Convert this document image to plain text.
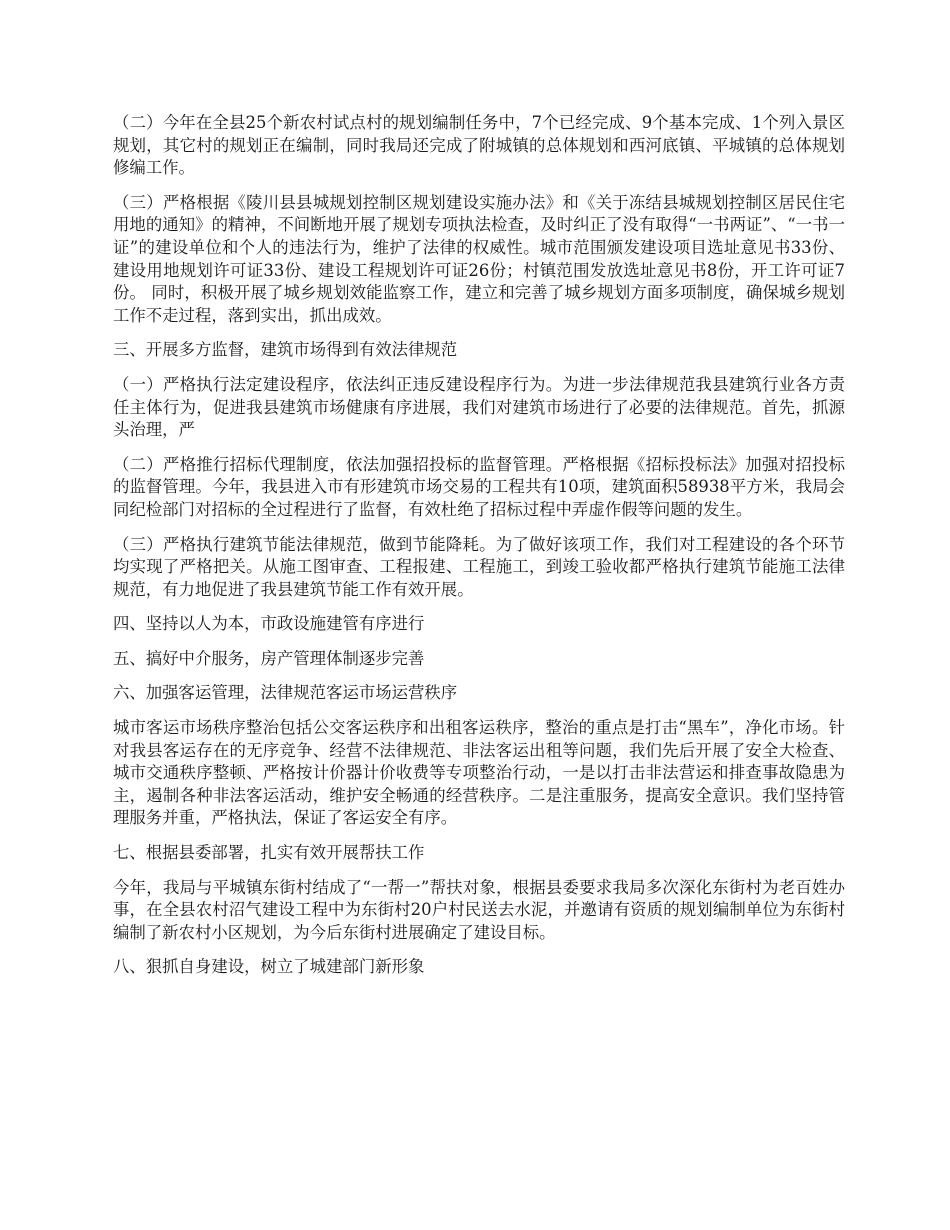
（二）今年在全县25个新农村试点村的规划编制任务中，7个已经完成、9个基本完成、1个列入景区规划，其它村的规划正在编制，同时我局还完成了附城镇的总体规划和西河底镇、平城镇的总体规划修编工作。

（三）严格根据《陵川县县城规划控制区规划建设实施办法》和《关于冻结县城规划控制区居民住宅用地的通知》的精神，不间断地开展了规划专项执法检查，及时纠正了没有取得“一书两证”、“一书一证”的建设单位和个人的违法行为，维护了法律的权威性。城市范围颁发建设项目选址意见书33份、建设用地规划许可证33份、建设工程规划许可证26份；村镇范围发放选址意见书8份，开工许可证7份。 同时，积极开展了城乡规划效能监察工作，建立和完善了城乡规划方面多项制度，确保城乡规划工作不走过程，落到实出，抓出成效。

三、开展多方监督，建筑市场得到有效法律规范

（一）严格执行法定建设程序，依法纠正违反建设程序行为。为进一步法律规范我县建筑行业各方责任主体行为，促进我县建筑市场健康有序进展，我们对建筑市场进行了必要的法律规范。首先，抓源头治理，严

（二）严格推行招标代理制度，依法加强招投标的监督管理。严格根据《招标投标法》加强对招投标的监督管理。今年，我县进入市有形建筑市场交易的工程共有10项，建筑面积58938平方米，我局会同纪检部门对招标的全过程进行了监督，有效杜绝了招标过程中弄虚作假等问题的发生。

（三）严格执行建筑节能法律规范，做到节能降耗。为了做好该项工作，我们对工程建设的各个环节均实现了严格把关。从施工图审查、工程报建、工程施工，到竣工验收都严格执行建筑节能施工法律规范，有力地促进了我县建筑节能工作有效开展。

四、坚持以人为本，市政设施建管有序进行

五、搞好中介服务，房产管理体制逐步完善

六、加强客运管理，法律规范客运市场运营秩序

城市客运市场秩序整治包括公交客运秩序和出租客运秩序，整治的重点是打击“黑车”，净化市场。针对我县客运存在的无序竞争、经营不法律规范、非法客运出租等问题，我们先后开展了安全大检查、城市交通秩序整顿、严格按计价器计价收费等专项整治行动，一是以打击非法营运和排查事故隐患为主，遏制各种非法客运活动，维护安全畅通的经营秩序。二是注重服务，提高安全意识。我们坚持管理服务并重，严格执法，保证了客运安全有序。

七、根据县委部署，扎实有效开展帮扶工作

今年，我局与平城镇东街村结成了“一帮一”帮扶对象，根据县委要求我局多次深化东街村为老百姓办事，在全县农村沼气建设工程中为东街村20户村民送去水泥，并邀请有资质的规划编制单位为东街村编制了新农村小区规划，为今后东街村进展确定了建设目标。

八、狠抓自身建设，树立了城建部门新形象
